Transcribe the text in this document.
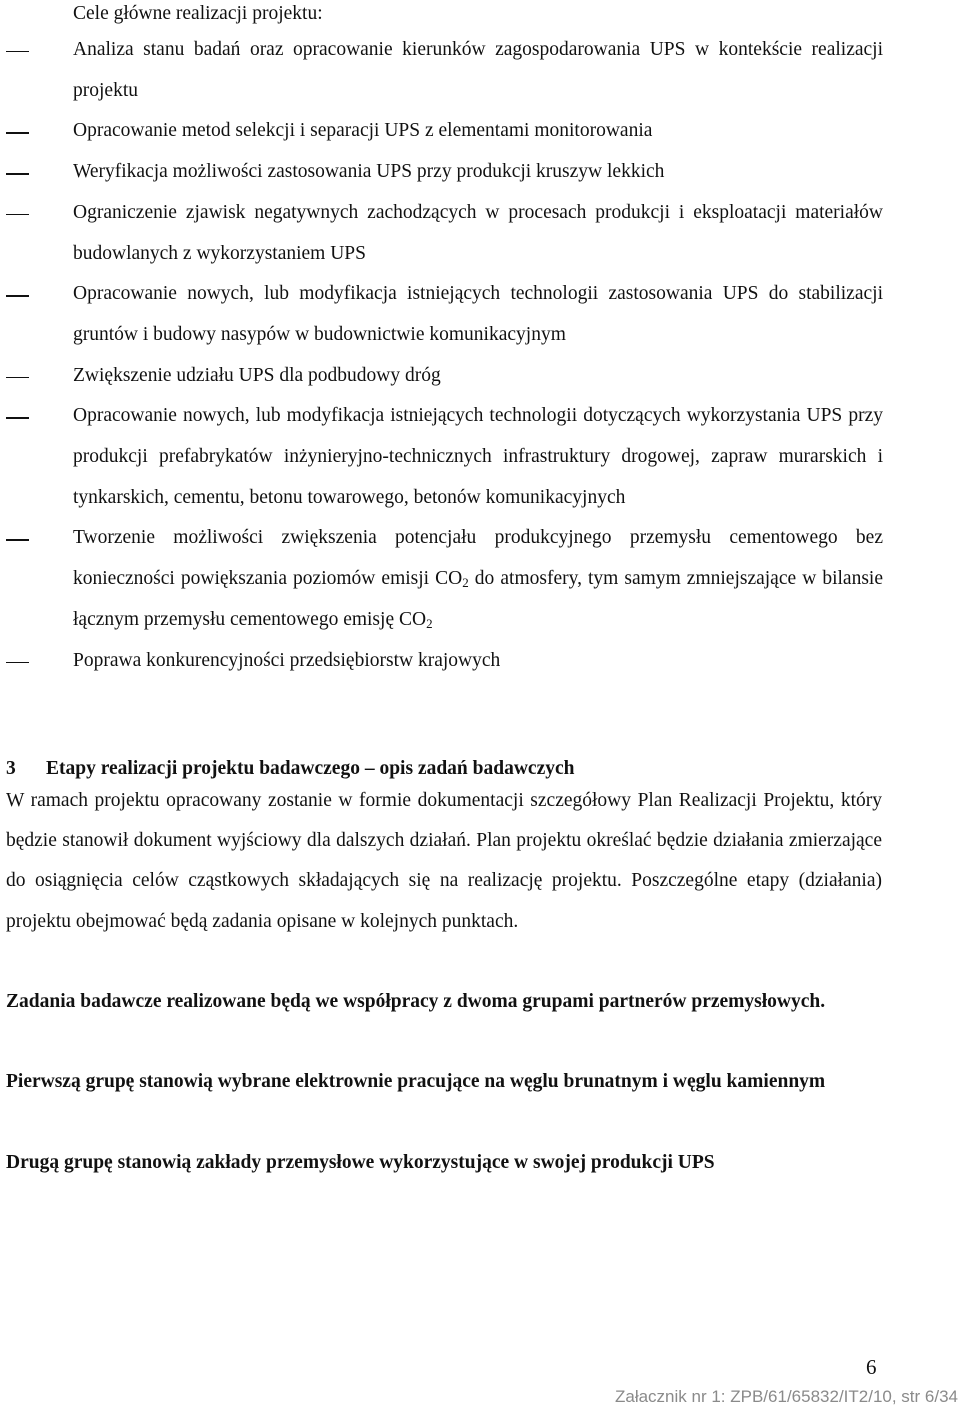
Cele główne realizacji projektu:
Analiza stanu badań oraz opracowanie kierunków zagospodarowania UPS w kontekście realizacji projektu
Opracowanie metod selekcji i separacji UPS z elementami monitorowania
Weryfikacja możliwości zastosowania UPS przy produkcji kruszyw lekkich
Ograniczenie zjawisk negatywnych zachodzących w procesach produkcji i eksploatacji materiałów budowlanych z wykorzystaniem UPS
Opracowanie nowych, lub modyfikacja istniejących technologii zastosowania UPS do stabilizacji gruntów i budowy nasypów w budownictwie komunikacyjnym
Zwiększenie udziału UPS dla podbudowy dróg
Opracowanie nowych, lub modyfikacja istniejących technologii dotyczących wykorzystania UPS przy produkcji prefabrykatów inżynieryjno-technicznych infrastruktury drogowej, zapraw murarskich i tynkarskich, cementu, betonu towarowego, betonów komunikacyjnych
Tworzenie możliwości zwiększenia potencjału produkcyjnego przemysłu cementowego bez konieczności powiększania poziomów emisji $CO_2$ do atmosfery, tym samym zmniejszające w bilansie łącznym przemysłu cementowego emisję $CO_2$
Poprawa konkurencyjności przedsiębiorstw krajowych
3 Etapy realizacji projektu badawczego – opis zadań badawczych

W ramach projektu opracowany zostanie w formie dokumentacji szczegółowy Plan Realizacji Projektu, który będzie stanowił dokument wyjściowy dla dalszych działań. Plan projektu określać będzie działania zmierzające do osiągnięcia celów cząstkowych składających się na realizację projektu. Poszczególne etapy (działania) projektu obejmować będą zadania opisane w kolejnych punktach.

Zadania badawcze realizowane będą we współpracy z dwoma grupami partnerów przemysłowych.

Pierwszą grupę stanowią wybrane elektrownie pracujące na węglu brunatnym i węglu kamiennym

Drugą grupę stanowią zakłady przemysłowe wykorzystujące w swojej produkcji UPS

6
Załacznik nr 1: ZPB/61/65832/IT2/10, str 6/34
